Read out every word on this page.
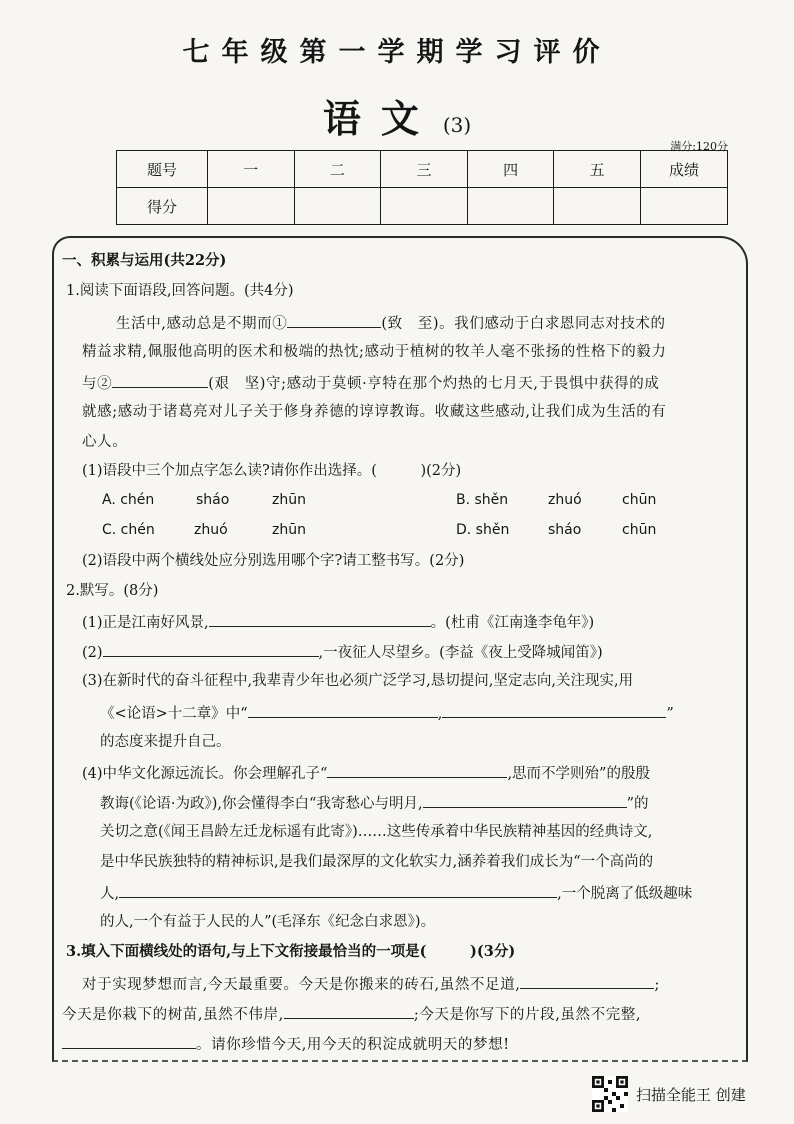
七年级第一学期学习评价
语文 (3)
满分:120分
题号	一	二	三	四	五	成绩
得分						
一、积累与运用(共22分)
1.阅读下面语段,回答问题。(共4分)
生活中,感动总是不期而①	(致　至)。我们感动于白求恩同志对技术的
精益求精,佩服他高明的医术和极端的热忱;感动于植树的牧羊人毫不张扬的性格下的毅力
与②	(艰　坚)守;感动于莫顿·亨特在那个灼热的七月天,于畏惧中获得的成
就感;感动于诸葛亮对儿子关于修身养德的谆谆教诲。收藏这些感动,让我们成为生活的有
心人。
(1)语段中三个加点字怎么读?请你作出选择。(　　　)(2分)
A. chén	sháo	zhūn	B. shěn	zhuó	chūn
C. chén	zhuó	zhūn	D. shěn	sháo	chūn
(2)语段中两个横线处应分别选用哪个字?请工整书写。(2分)
2.默写。(8分)
(1)正是江南好风景,	。(杜甫《江南逢李龟年》)
(2)	,一夜征人尽望乡。(李益《夜上受降城闻笛》)
(3)在新时代的奋斗征程中,我辈青少年也必须广泛学习,恳切提问,坚定志向,关注现实,用
《<论语>十二章》中“	,	”
的态度来提升自己。
(4)中华文化源远流长。你会理解孔子“	,思而不学则殆”的殷殷
教诲(《论语·为政》),你会懂得李白“我寄愁心与明月,	”的
关切之意(《闻王昌龄左迁龙标遥有此寄》)……这些传承着中华民族精神基因的经典诗文,
是中华民族独特的精神标识,是我们最深厚的文化软实力,涵养着我们成长为“一个高尚的
人,	,一个脱离了低级趣味
的人,一个有益于人民的人”(毛泽东《纪念白求恩》)。
3.填入下面横线处的语句,与上下文衔接最恰当的一项是(　　　)(3分)
对于实现梦想而言,今天最重要。今天是你搬来的砖石,虽然不足道,	;
今天是你栽下的树苗,虽然不伟岸,	;今天是你写下的片段,虽然不完整,
。请你珍惜今天,用今天的积淀成就明天的梦想!
扫描全能王 创建
